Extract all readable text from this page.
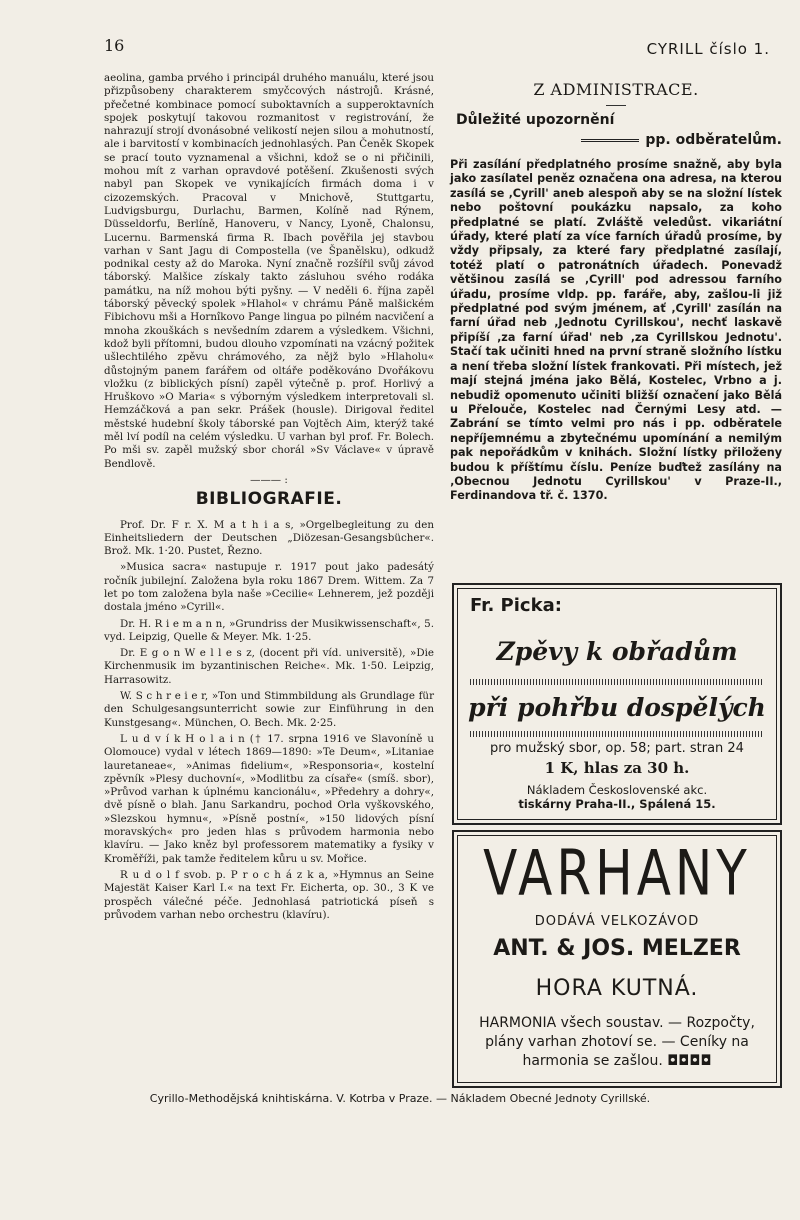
16	CYRILL číslo 1.

aeolina, gamba prvého i principál druhého manuálu, které jsou přizpůsobeny charakterem smyčcových nástrojů. Krásné, přečetné kombinace pomocí suboktavních a supperoktavních spojek poskytují takovou rozmanitost v registrování, že nahrazují strojí dvonásobné velikostí nejen silou a mohutností, ale i barvitostí v kombinacích jednohlasých. Pan Čeněk Skopek se prací touto vyznamenal a všichni, kdož se o ni přičinili, mohou mít z varhan opravdové potěšení. Zkušenosti svých nabyl pan Skopek ve vynikajících firmách doma i v cizozemských. Pracoval v Mnichově, Stuttgartu, Ludvigsburgu, Durlachu, Barmen, Kolíně nad Rýnem, Düsseldorfu, Berlíně, Hanoveru, v Nancy, Lyoně, Chalonsu, Lucernu. Barmenská firma R. Ibach pověřila jej stavbou varhan v Sant Jagu di Compostella (ve Španělsku), odkudž podnikal cesty až do Maroka. Nyní značně rozšířil svůj závod táborský. Malšice získaly takto zásluhou svého rodáka památku, na níž mohou býti pyšny. — V neděli 6. října zapěl táborský pěvecký spolek »Hlahol« v chrámu Páně malšickém Fibichovu mši a Hornîkovo Pange lingua po pilném nacvičení a mnoha zkouškách s nevšedním zdarem a výsledkem. Všichni, kdož byli přítomni, budou dlouho vzpomínati na vzácný požitek ušlechtilého zpěvu chrámového, za nějž bylo »Hlaholu« důstojným panem farářem od oltáře poděkováno Dvořákovu vložku (z biblických písní) zapěl výtečně p. prof. Horlivý a Hruškovo »O Maria« s výborným výsledkem interpretovali sl. Hemzáčková a pan sekr. Prášek (housle). Dirigoval ředitel městské hudební školy táborské pan Vojtěch Aim, kterýž také měl lví podíl na celém výsledku. U varhan byl prof. Fr. Bolech. Po mši sv. zapěl mužský sbor chorál »Sv Václave« v úpravě Bendlově.

——— :
BIBLIOGRAFIE.

Prof. Dr. F r. X. M a t h i a s, »Orgelbegleitung zu den Einheitsliedern der Deutschen „Diözesan-Gesangsbücher«. Brož. Mk. 1·20. Pustet, Řezno.

»Musica sacra« nastupuje r. 1917 pout jako padesátý ročník jubilejní. Založena byla roku 1867 Drem. Wittem. Za 7 let po tom založena byla naše »Cecilie« Lehnerem, jež později dostala jméno »Cyrill«.

Dr. H. R i e m a n n, »Grundriss der Musikwissenschaft«, 5. vyd. Leipzig, Quelle & Meyer. Mk. 1·25.

Dr. E g o n W e l l e s z, (docent při víd. universitě), »Die Kirchenmusik im byzantinischen Reiche«. Mk. 1·50. Leipzig, Harrasowitz.

W. S c h r e i e r, »Ton und Stimmbildung als Grundlage für den Schulgesangsunterricht sowie zur Einführung in den Kunstgesang«. München, O. Bech. Mk. 2·25.

L u d v í k H o l a i n († 17. srpna 1916 ve Slavoníně u Olomouce) vydal v létech 1869—1890: »Te Deum«, »Litaniae lauretaneae«, »Animas fidelium«, »Responsoria«, kostelní zpěvník »Plesy duchovní«, »Modlitbu za císaře« (smíš. sbor), »Průvod varhan k úplnému kancionálu«, »Předehry a dohry«, dvě písně o blah. Janu Sarkandru, pochod Orla vyškovského, »Slezskou hymnu«, »Písně postní«, »150 lidových písní moravských« pro jeden hlas s průvodem harmonia nebo klavíru. — Jako kněz byl professorem matematiky a fysiky v Kroměříži, pak tamže ředitelem kůru u sv. Mořice.

R u d o l f svob. p. P r o c h á z k a, »Hymnus an Seine Majestät Kaiser Karl I.« na text Fr. Eicherta, op. 30., 3 K ve prospěch válečné péče. Jednohlasá patriotická píseň s průvodem varhan nebo orchestru (klavíru).

Z ADMINISTRACE.
Důležité upozornění
pp. odběratelům.
Při zasílání předplatného prosíme snažně, aby byla jako zasílatel peněz označena ona adresa, na kterou zasílá se ‚Cyrill' aneb alespoň aby se na složní lístek nebo poštovní poukázku napsalo, za koho předplatné se platí. Zvláště veledůst. vikariátní úřady, které platí za více farních úřadů prosíme, by vždy připsaly, za které fary předplatné zasílají, totéž platí o patronátních úřadech. Ponevadž většinou zasílá se ‚Cyrill' pod adressou farního úřadu, prosíme vldp. pp. faráře, aby, zašlou-li již předplatné pod svým jménem, ať ‚Cyrill' zasílán na farní úřad neb ‚Jednotu Cyrillskou', nechť laskavě připíší ‚za farní úřad' neb ‚za Cyrillskou Jednotu'. Stačí tak učiniti hned na první straně složního lístku a není třeba složní lístek frankovati. Při místech, jež mají stejná jména jako Bělá, Kostelec, Vrbno a j. nebudiž opomenuto učiniti bližší označení jako Bělá u Přelouče, Kostelec nad Černými Lesy atd. — Zabrání se tímto velmi pro nás i pp. odběratele nepříjemnému a zbytečnému upomínání a nemilým pak nepořádkům v knihách. Složní lístky přiloženy budou k příštímu číslu. Peníze buďtež zasílány na ‚Obecnou Jednotu Cyrillskou' v Praze-II., Ferdinandova tř. č. 1370.
Fr. Picka:
Zpěvy k obřadům
při pohřbu dospělých
pro mužský sbor, op. 58; part. stran 24
1 K, hlas za 30 h.
Nákladem Československé akc.
tiskárny Praha-II., Spálená 15.
VARHANY
DODÁVÁ VELKOZÁVOD
ANT. & JOS. MELZER
HORA KUTNÁ.
HARMONIA všech soustav. — Rozpočty, plány varhan zhotoví se. — Ceníky na harmonia se zašlou. ◘◘◘◘
Cyrillo-Methodějská knihtiskárna. V. Kotrba v Praze. — Nákladem Obecné Jednoty Cyrillské.
